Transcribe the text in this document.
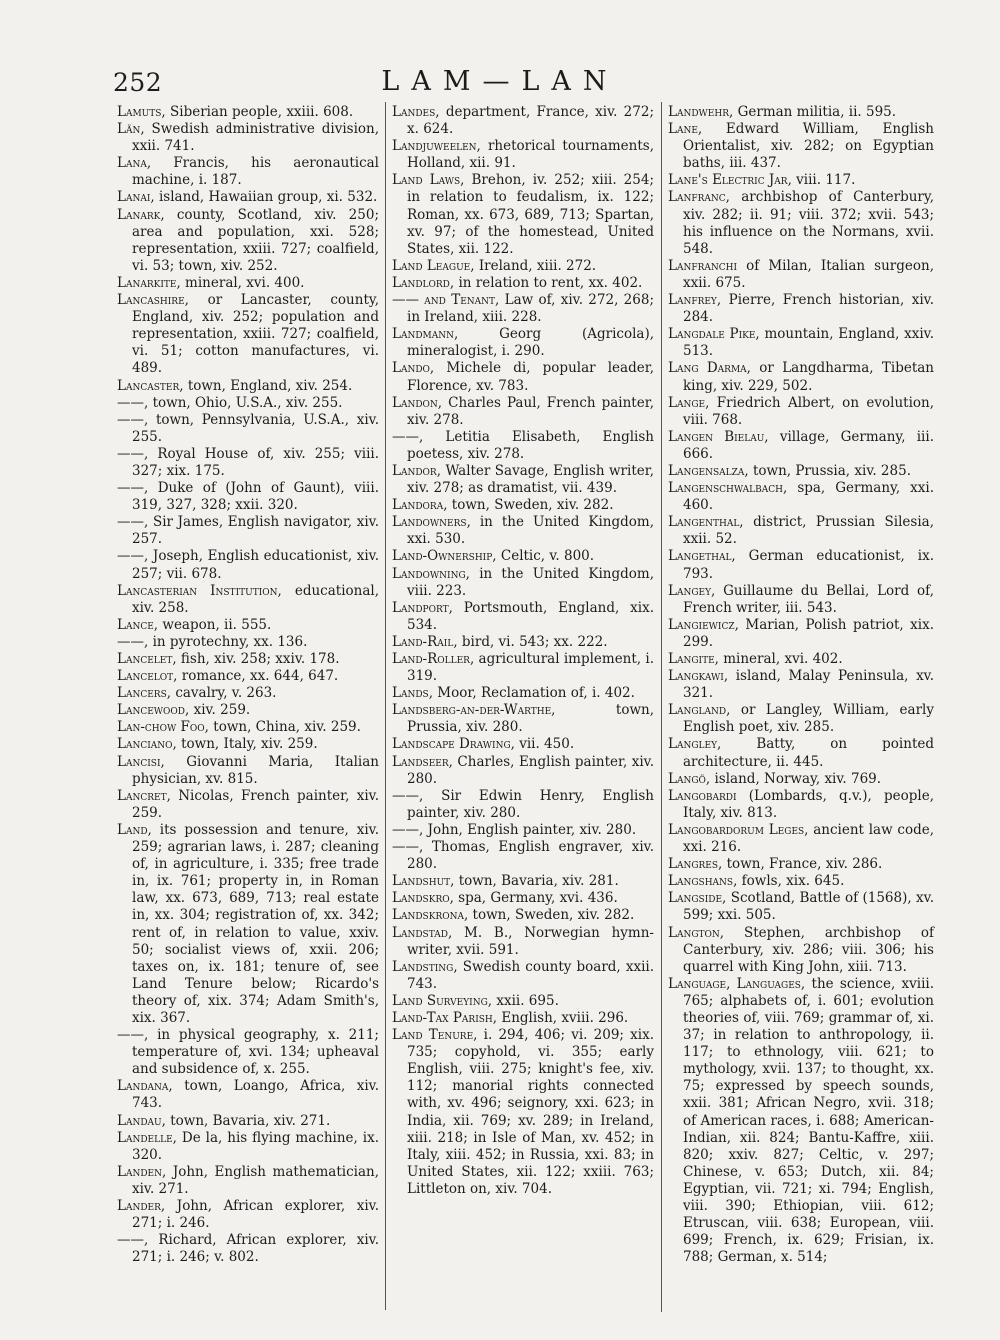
252	LAM—LAN
Lamuts, Siberian people, xxiii. 608.
Län, Swedish administrative division, xxii. 741.
Lana, Francis, his aeronautical machine, i. 187.
Lanai, island, Hawaiian group, xi. 532.
Lanark, county, Scotland, xiv. 250; area and population, xxi. 528; representation, xxiii. 727; coalfield, vi. 53; town, xiv. 252.
Lanarkite, mineral, xvi. 400.
Lancashire, or Lancaster, county, England, xiv. 252; population and representation, xxiii. 727; coalfield, vi. 51; cotton manufactures, vi. 489.
Lancaster, town, England, xiv. 254.
——, town, Ohio, U.S.A., xiv. 255.
——, town, Pennsylvania, U.S.A., xiv. 255.
——, Royal House of, xiv. 255; viii. 327; xix. 175.
——, Duke of (John of Gaunt), viii. 319, 327, 328; xxii. 320.
——, Sir James, English navigator, xiv. 257.
——, Joseph, English educationist, xiv. 257; vii. 678.
Lancasterian Institution, educational, xiv. 258.
Lance, weapon, ii. 555.
——, in pyrotechny, xx. 136.
Lancelet, fish, xiv. 258; xxiv. 178.
Lancelot, romance, xx. 644, 647.
Lancers, cavalry, v. 263.
Lancewood, xiv. 259.
Lan-chow Foo, town, China, xiv. 259.
Lanciano, town, Italy, xiv. 259.
Lancisi, Giovanni Maria, Italian physician, xv. 815.
Lancret, Nicolas, French painter, xiv. 259.
Land, its possession and tenure, xiv. 259; agrarian laws, i. 287; cleaning of, in agriculture, i. 335; free trade in, ix. 761; property in, in Roman law, xx. 673, 689, 713; real estate in, xx. 304; registration of, xx. 342; rent of, in relation to value, xxiv. 50; socialist views of, xxii. 206; taxes on, ix. 181; tenure of, see Land Tenure below; Ricardo's theory of, xix. 374; Adam Smith's, xix. 367.
——, in physical geography, x. 211; temperature of, xvi. 134; upheaval and subsidence of, x. 255.
Landana, town, Loango, Africa, xiv. 743.
Landau, town, Bavaria, xiv. 271.
Landelle, De la, his flying machine, ix. 320.
Landen, John, English mathematician, xiv. 271.
Lander, John, African explorer, xiv. 271; i. 246.
——, Richard, African explorer, xiv. 271; i. 246; v. 802.
Landes, department, France, xiv. 272; x. 624.
Landjuweelen, rhetorical tournaments, Holland, xii. 91.
Land Laws, Brehon, iv. 252; xiii. 254; in relation to feudalism, ix. 122; Roman, xx. 673, 689, 713; Spartan, xv. 97; of the homestead, United States, xii. 122.
Land League, Ireland, xiii. 272.
Landlord, in relation to rent, xx. 402.
—— and Tenant, Law of, xiv. 272, 268; in Ireland, xiii. 228.
Landmann, Georg (Agricola), mineralogist, i. 290.
Lando, Michele di, popular leader, Florence, xv. 783.
Landon, Charles Paul, French painter, xiv. 278.
——, Letitia Elisabeth, English poetess, xiv. 278.
Landor, Walter Savage, English writer, xiv. 278; as dramatist, vii. 439.
Landora, town, Sweden, xiv. 282.
Landowners, in the United Kingdom, xxi. 530.
Land-Ownership, Celtic, v. 800.
Landowning, in the United Kingdom, viii. 223.
Landport, Portsmouth, England, xix. 534.
Land-Rail, bird, vi. 543; xx. 222.
Land-Roller, agricultural implement, i. 319.
Lands, Moor, Reclamation of, i. 402.
Landsberg-an-der-Warthe, town, Prussia, xiv. 280.
Landscape Drawing, vii. 450.
Landseer, Charles, English painter, xiv. 280.
——, Sir Edwin Henry, English painter, xiv. 280.
——, John, English painter, xiv. 280.
——, Thomas, English engraver, xiv. 280.
Landshut, town, Bavaria, xiv. 281.
Landskro, spa, Germany, xvi. 436.
Landskrona, town, Sweden, xiv. 282.
Landstad, M. B., Norwegian hymn-writer, xvii. 591.
Landsting, Swedish county board, xxii. 743.
Land Surveying, xxii. 695.
Land-Tax Parish, English, xviii. 296.
Land Tenure, i. 294, 406; vi. 209; xix. 735; copyhold, vi. 355; early English, viii. 275; knight's fee, xiv. 112; manorial rights connected with, xv. 496; seignory, xxi. 623; in India, xii. 769; xv. 289; in Ireland, xiii. 218; in Isle of Man, xv. 452; in Italy, xiii. 452; in Russia, xxi. 83; in United States, xii. 122; xxiii. 763; Littleton on, xiv. 704.
Landwehr, German militia, ii. 595.
Lane, Edward William, English Orientalist, xiv. 282; on Egyptian baths, iii. 437.
Lane's Electric Jar, viii. 117.
Lanfranc, archbishop of Canterbury, xiv. 282; ii. 91; viii. 372; xvii. 543; his influence on the Normans, xvii. 548.
Lanfranchi of Milan, Italian surgeon, xxii. 675.
Lanfrey, Pierre, French historian, xiv. 284.
Langdale Pike, mountain, England, xxiv. 513.
Lang Darma, or Langdharma, Tibetan king, xiv. 229, 502.
Lange, Friedrich Albert, on evolution, viii. 768.
Langen Bielau, village, Germany, iii. 666.
Langensalza, town, Prussia, xiv. 285.
Langenschwalbach, spa, Germany, xxi. 460.
Langenthal, district, Prussian Silesia, xxii. 52.
Langethal, German educationist, ix. 793.
Langey, Guillaume du Bellai, Lord of, French writer, iii. 543.
Langiewicz, Marian, Polish patriot, xix. 299.
Langite, mineral, xvi. 402.
Langkawi, island, Malay Peninsula, xv. 321.
Langland, or Langley, William, early English poet, xiv. 285.
Langley, Batty, on pointed architecture, ii. 445.
Langö, island, Norway, xiv. 769.
Langobardi (Lombards, q.v.), people, Italy, xiv. 813.
Langobardorum Leges, ancient law code, xxi. 216.
Langres, town, France, xiv. 286.
Langshans, fowls, xix. 645.
Langside, Scotland, Battle of (1568), xv. 599; xxi. 505.
Langton, Stephen, archbishop of Canterbury, xiv. 286; viii. 306; his quarrel with King John, xiii. 713.
Language, Languages, the science, xviii. 765; alphabets of, i. 601; evolution theories of, viii. 769; grammar of, xi. 37; in relation to anthropology, ii. 117; to ethnology, viii. 621; to mythology, xvii. 137; to thought, xx. 75; expressed by speech sounds, xxii. 381; African Negro, xvii. 318; of American races, i. 688; American-Indian, xii. 824; Bantu-Kaffre, xiii. 820; xxiv. 827; Celtic, v. 297; Chinese, v. 653; Dutch, xii. 84; Egyptian, vii. 721; xi. 794; English, viii. 390; Ethiopian, viii. 612; Etruscan, viii. 638; European, viii. 699; French, ix. 629; Frisian, ix. 788; German, x. 514;
